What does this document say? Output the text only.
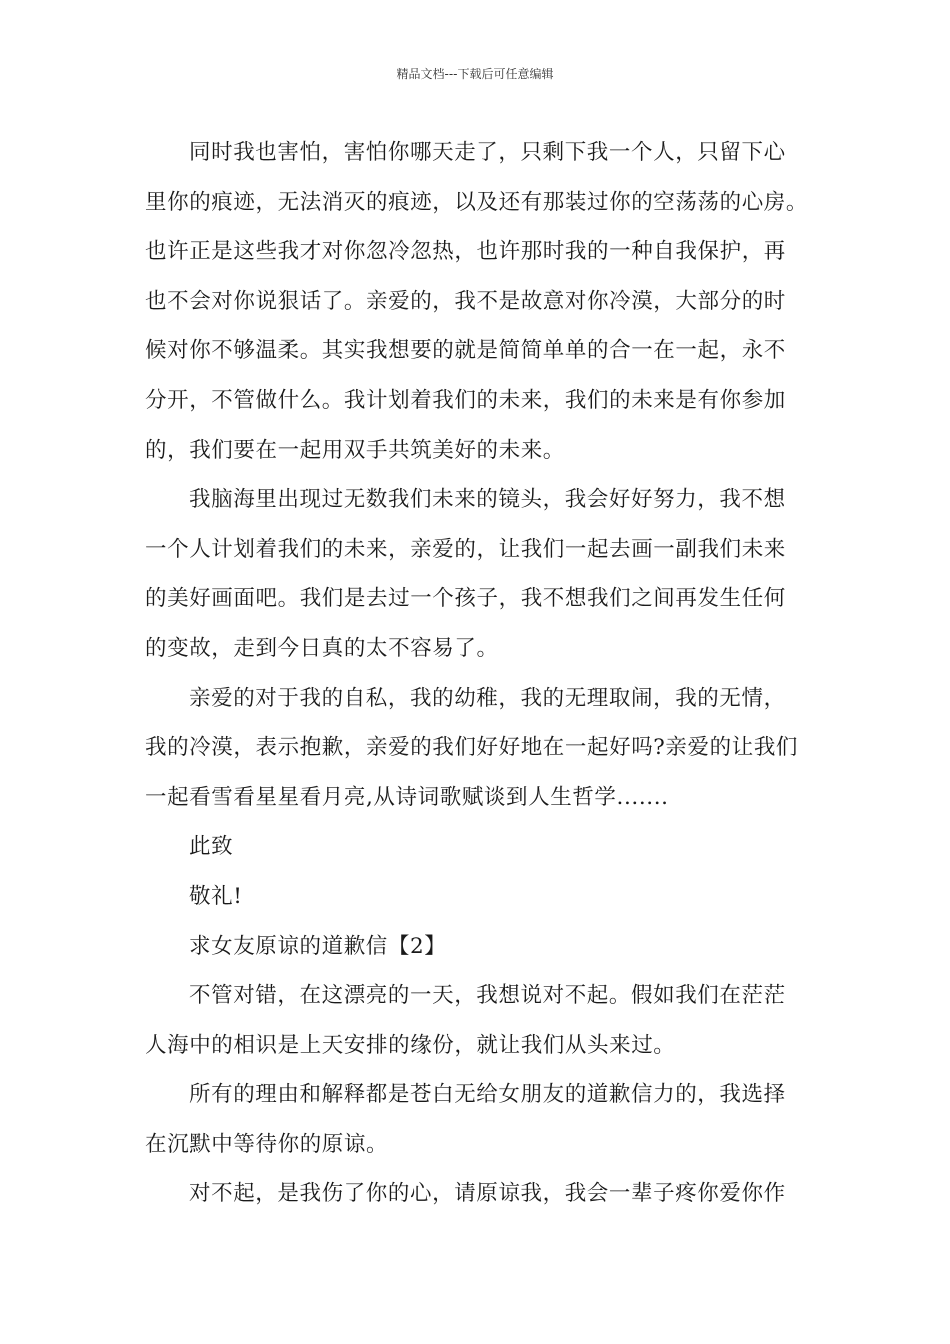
精品文档---下载后可任意编辑
同时我也害怕，害怕你哪天走了，只剩下我一个人，只留下心
里你的痕迹，无法消灭的痕迹，以及还有那装过你的空荡荡的心房。
也许正是这些我才对你忽冷忽热，也许那时我的一种自我保护，再
也不会对你说狠话了。亲爱的，我不是故意对你冷漠，大部分的时
候对你不够温柔。其实我想要的就是简简单单的合一在一起，永不
分开，不管做什么。我计划着我们的未来，我们的未来是有你参加
的，我们要在一起用双手共筑美好的未来。
我脑海里出现过无数我们未来的镜头，我会好好努力，我不想
一个人计划着我们的未来，亲爱的，让我们一起去画一副我们未来
的美好画面吧。我们是去过一个孩子，我不想我们之间再发生任何
的变故，走到今日真的太不容易了。
亲爱的对于我的自私，我的幼稚，我的无理取闹，我的无情，
我的冷漠，表示抱歉，亲爱的我们好好地在一起好吗?亲爱的让我们
一起看雪看星星看月亮,从诗词歌赋谈到人生哲学.......
此致
敬礼!
求女友原谅的道歉信【2】
不管对错，在这漂亮的一天，我想说对不起。假如我们在茫茫
人海中的相识是上天安排的缘份，就让我们从头来过。
所有的理由和解释都是苍白无给女朋友的道歉信力的，我选择
在沉默中等待你的原谅。
对不起，是我伤了你的心，请原谅我，我会一辈子疼你爱你作
